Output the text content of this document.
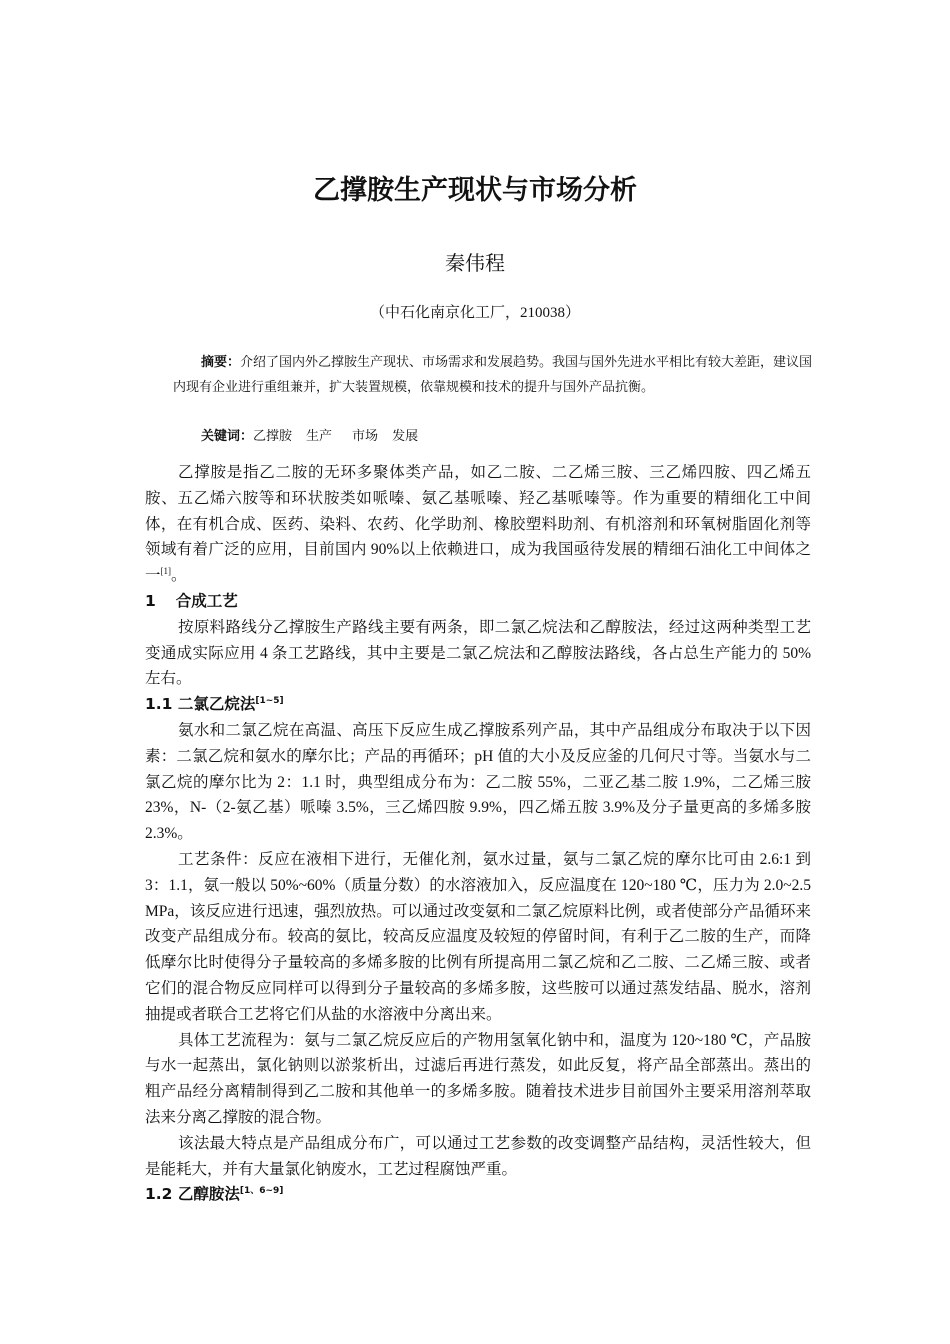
乙撑胺生产现状与市场分析
秦伟程
（中石化南京化工厂，210038）

摘要：介绍了国内外乙撑胺生产现状、市场需求和发展趋势。我国与国外先进水平相比有较大差距，建议国内现有企业进行重组兼并，扩大装置规模，依靠规模和技术的提升与国外产品抗衡。

关键词：乙撑胺 生产 市场 发展

乙撑胺是指乙二胺的无环多聚体类产品，如乙二胺、二乙烯三胺、三乙烯四胺、四乙烯五胺、五乙烯六胺等和环状胺类如哌嗪、氨乙基哌嗪、羟乙基哌嗪等。作为重要的精细化工中间体，在有机合成、医药、染料、农药、化学助剂、橡胶塑料助剂、有机溶剂和环氧树脂固化剂等领域有着广泛的应用，目前国内 90%以上依赖进口，成为我国亟待发展的精细石油化工中间体之一[1]。

1 合成工艺

按原料路线分乙撑胺生产路线主要有两条，即二氯乙烷法和乙醇胺法，经过这两种类型工艺变通成实际应用 4 条工艺路线，其中主要是二氯乙烷法和乙醇胺法路线，各占总生产能力的 50%左右。

1.1 二氯乙烷法[1~5]

氨水和二氯乙烷在高温、高压下反应生成乙撑胺系列产品，其中产品组成分布取决于以下因素：二氯乙烷和氨水的摩尔比；产品的再循环；pH 值的大小及反应釜的几何尺寸等。当氨水与二氯乙烷的摩尔比为 2：1.1 时，典型组成分布为：乙二胺 55%，二亚乙基二胺 1.9%，二乙烯三胺 23%，N-（2-氨乙基）哌嗪 3.5%，三乙烯四胺 9.9%，四乙烯五胺 3.9%及分子量更高的多烯多胺 2.3%。

工艺条件：反应在液相下进行，无催化剂，氨水过量，氨与二氯乙烷的摩尔比可由 2.6:1 到 3：1.1，氨一般以 50%~60%（质量分数）的水溶液加入，反应温度在 120~180 ℃，压力为 2.0~2.5 MPa，该反应进行迅速，强烈放热。可以通过改变氨和二氯乙烷原料比例，或者使部分产品循环来改变产品组成分布。较高的氨比，较高反应温度及较短的停留时间，有利于乙二胺的生产，而降低摩尔比时使得分子量较高的多烯多胺的比例有所提高用二氯乙烷和乙二胺、二乙烯三胺、或者它们的混合物反应同样可以得到分子量较高的多烯多胺，这些胺可以通过蒸发结晶、脱水，溶剂抽提或者联合工艺将它们从盐的水溶液中分离出来。

具体工艺流程为：氨与二氯乙烷反应后的产物用氢氧化钠中和，温度为 120~180 ℃，产品胺与水一起蒸出，氯化钠则以淤浆析出，过滤后再进行蒸发，如此反复，将产品全部蒸出。蒸出的粗产品经分离精制得到乙二胺和其他单一的多烯多胺。随着技术进步目前国外主要采用溶剂萃取法来分离乙撑胺的混合物。

该法最大特点是产品组成分布广，可以通过工艺参数的改变调整产品结构，灵活性较大，但是能耗大，并有大量氯化钠废水，工艺过程腐蚀严重。

1.2 乙醇胺法[1、6~9]
